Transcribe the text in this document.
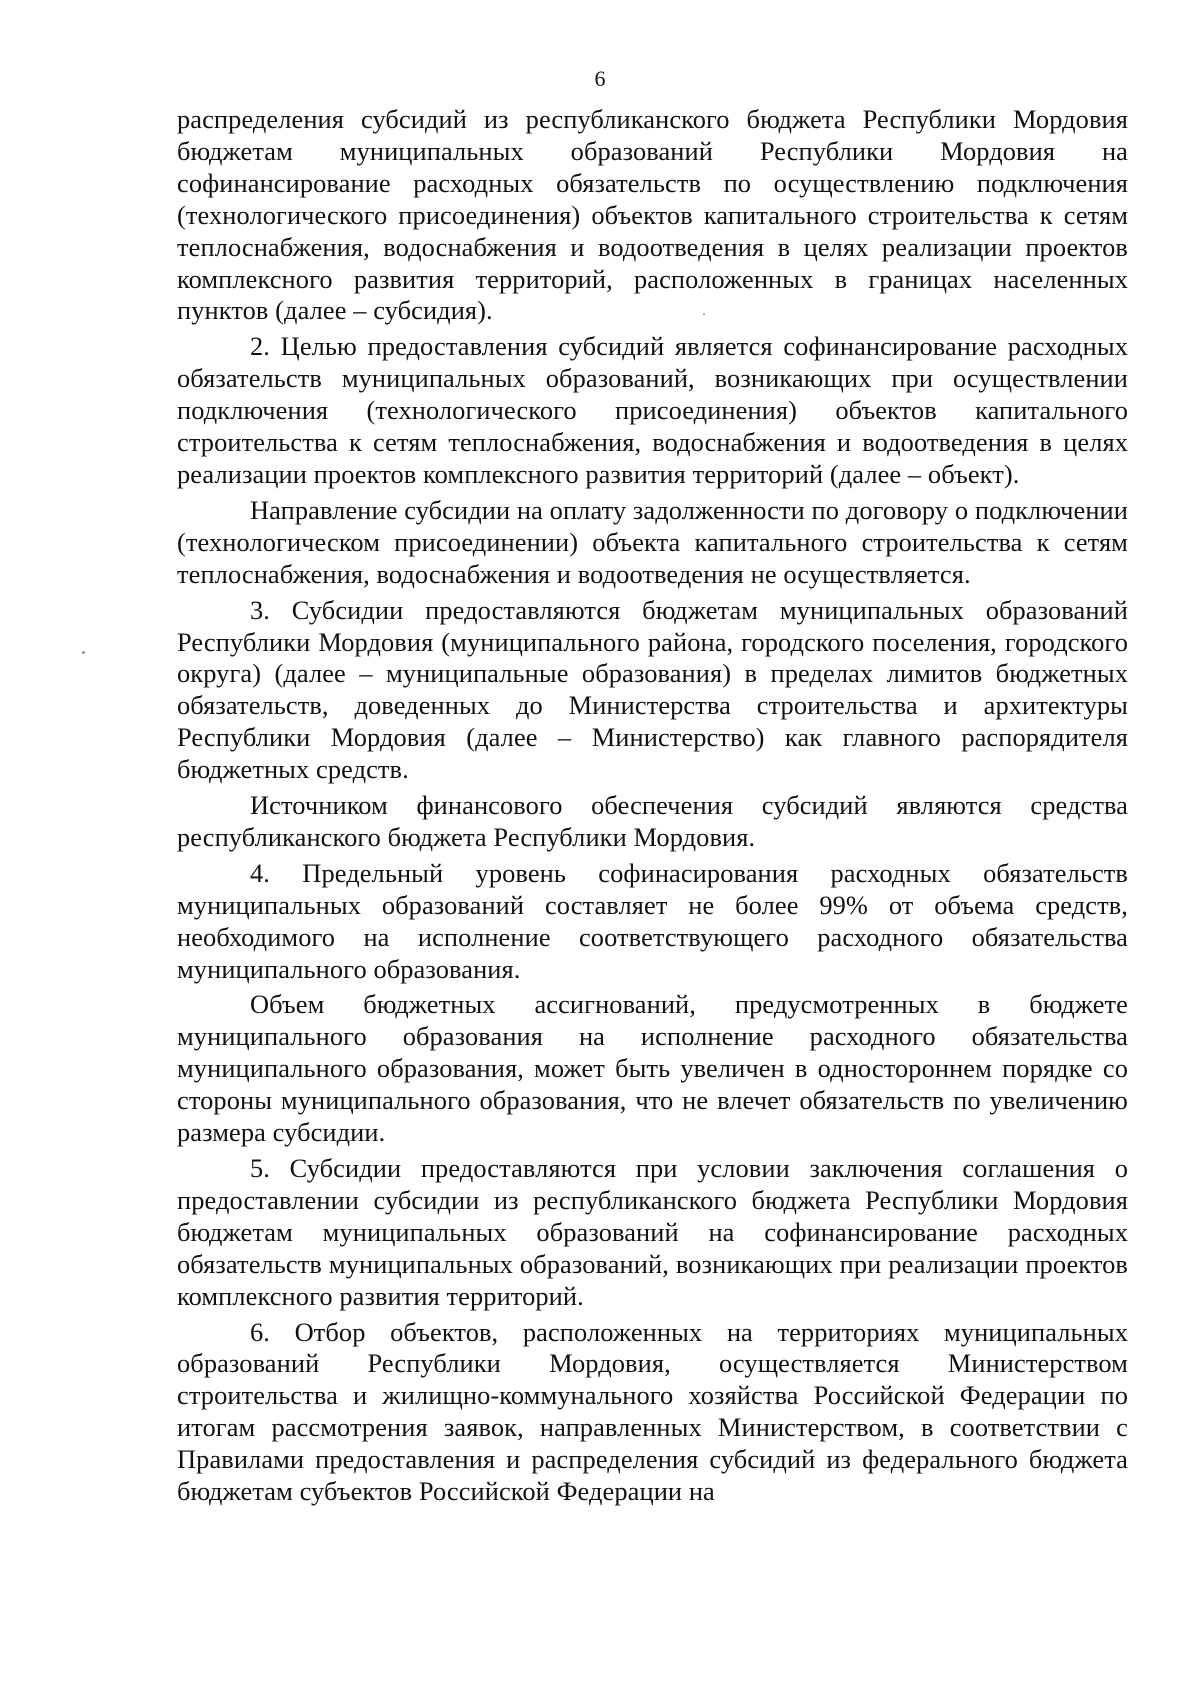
6

распределения субсидий из республиканского бюджета Республики Мордовия бюджетам муниципальных образований Республики Мордовия на софинансирование расходных обязательств по осуществлению подключения (технологического присоединения) объектов капитального строительства к сетям теплоснабжения, водоснабжения и водоотведения в целях реализации проектов комплексного развития территорий, расположенных в границах населенных пунктов (далее – субсидия).

2. Целью предоставления субсидий является софинансирование расходных обязательств муниципальных образований, возникающих при осуществлении подключения (технологического присоединения) объектов капитального строительства к сетям теплоснабжения, водоснабжения и водоотведения в целях реализации проектов комплексного развития территорий (далее – объект).

Направление субсидии на оплату задолженности по договору о подключении (технологическом присоединении) объекта капитального строительства к сетям теплоснабжения, водоснабжения и водоотведения не осуществляется.

3. Субсидии предоставляются бюджетам муниципальных образований Республики Мордовия (муниципального района, городского поселения, городского округа) (далее – муниципальные образования) в пределах лимитов бюджетных обязательств, доведенных до Министерства строительства и архитектуры Республики Мордовия (далее – Министерство) как главного распорядителя бюджетных средств.

Источником финансового обеспечения субсидий являются средства республиканского бюджета Республики Мордовия.

4. Предельный уровень софинасирования расходных обязательств муниципальных образований составляет не более 99% от объема средств, необходимого на исполнение соответствующего расходного обязательства муниципального образования.

Объем бюджетных ассигнований, предусмотренных в бюджете муниципального образования на исполнение расходного обязательства муниципального образования, может быть увеличен в одностороннем порядке со стороны муниципального образования, что не влечет обязательств по увеличению размера субсидии.

5. Субсидии предоставляются при условии заключения соглашения о предоставлении субсидии из республиканского бюджета Республики Мордовия бюджетам муниципальных образований на софинансирование расходных обязательств муниципальных образований, возникающих при реализации проектов комплексного развития территорий.

6. Отбор объектов, расположенных на территориях муниципальных образований Республики Мордовия, осуществляется Министерством строительства и жилищно-коммунального хозяйства Российской Федерации по итогам рассмотрения заявок, направленных Министерством, в соответствии с Правилами предоставления и распределения субсидий из федерального бюджета бюджетам субъектов Российской Федерации на
